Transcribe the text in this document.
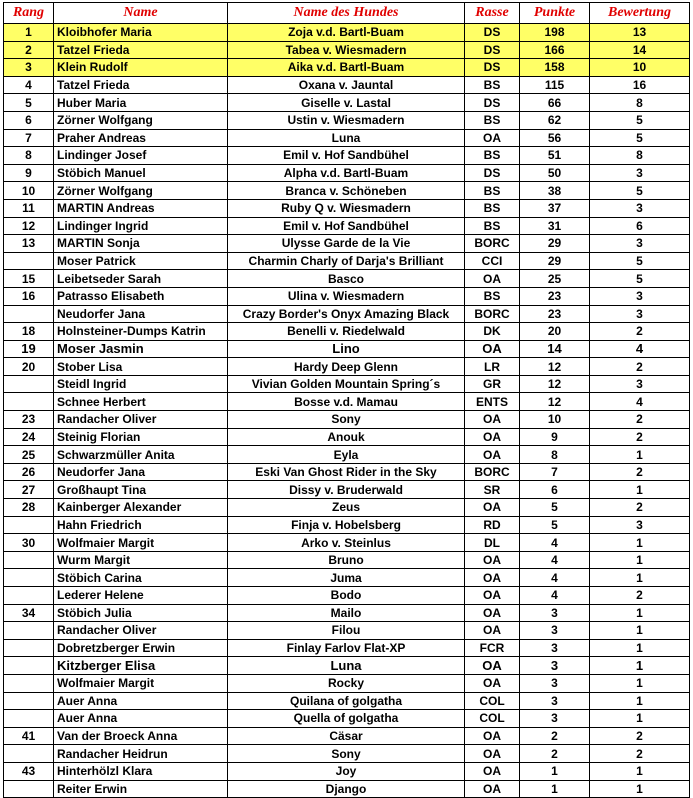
Rang	Name	Name des Hundes	Rasse	Punkte	Bewertung
1	Kloibhofer Maria	Zoja v.d. Bartl-Buam	DS	198	13
2	Tatzel Frieda	Tabea v. Wiesmadern	DS	166	14
3	Klein Rudolf	Aika v.d. Bartl-Buam	DS	158	10
4	Tatzel Frieda	Oxana v. Jauntal	BS	115	16
5	Huber Maria	Giselle v. Lastal	DS	66	8
6	Zörner Wolfgang	Ustin v. Wiesmadern	BS	62	5
7	Praher Andreas	Luna	OA	56	5
8	Lindinger Josef	Emil v. Hof Sandbühel	BS	51	8
9	Stöbich Manuel	Alpha v.d. Bartl-Buam	DS	50	3
10	Zörner Wolfgang	Branca v. Schöneben	BS	38	5
11	MARTIN Andreas	Ruby Q v. Wiesmadern	BS	37	3
12	Lindinger Ingrid	Emil v. Hof Sandbühel	BS	31	6
13	MARTIN Sonja	Ulysse Garde de la Vie	BORC	29	3
	Moser Patrick	Charmin Charly of Darja's Brilliant	CCI	29	5
15	Leibetseder Sarah	Basco	OA	25	5
16	Patrasso Elisabeth	Ulina v. Wiesmadern	BS	23	3
	Neudorfer Jana	Crazy Border's Onyx Amazing Black	BORC	23	3
18	Holnsteiner-Dumps Katrin	Benelli v. Riedelwald	DK	20	2
19	Moser Jasmin	Lino	OA	14	4
20	Stober Lisa	Hardy Deep Glenn	LR	12	2
	Steidl Ingrid	Vivian Golden Mountain Spring´s	GR	12	3
	Schnee Herbert	Bosse v.d. Mamau	ENTS	12	4
23	Randacher Oliver	Sony	OA	10	2
24	Steinig Florian	Anouk	OA	9	2
25	Schwarzmüller Anita	Eyla	OA	8	1
26	Neudorfer Jana	Eski Van Ghost Rider in the Sky	BORC	7	2
27	Großhaupt Tina	Dissy v. Bruderwald	SR	6	1
28	Kainberger Alexander	Zeus	OA	5	2
	Hahn Friedrich	Finja v. Hobelsberg	RD	5	3
30	Wolfmaier Margit	Arko v. Steinlus	DL	4	1
	Wurm Margit	Bruno	OA	4	1
	Stöbich Carina	Juma	OA	4	1
	Lederer Helene	Bodo	OA	4	2
34	Stöbich Julia	Mailo	OA	3	1
	Randacher Oliver	Filou	OA	3	1
	Dobretzberger Erwin	Finlay Farlov Flat-XP	FCR	3	1
	Kitzberger Elisa	Luna	OA	3	1
	Wolfmaier Margit	Rocky	OA	3	1
	Auer Anna	Quilana of golgatha	COL	3	1
	Auer Anna	Quella of golgatha	COL	3	1
41	Van der Broeck Anna	Cäsar	OA	2	2
	Randacher Heidrun	Sony	OA	2	2
43	Hinterhölzl Klara	Joy	OA	1	1
	Reiter Erwin	Django	OA	1	1
